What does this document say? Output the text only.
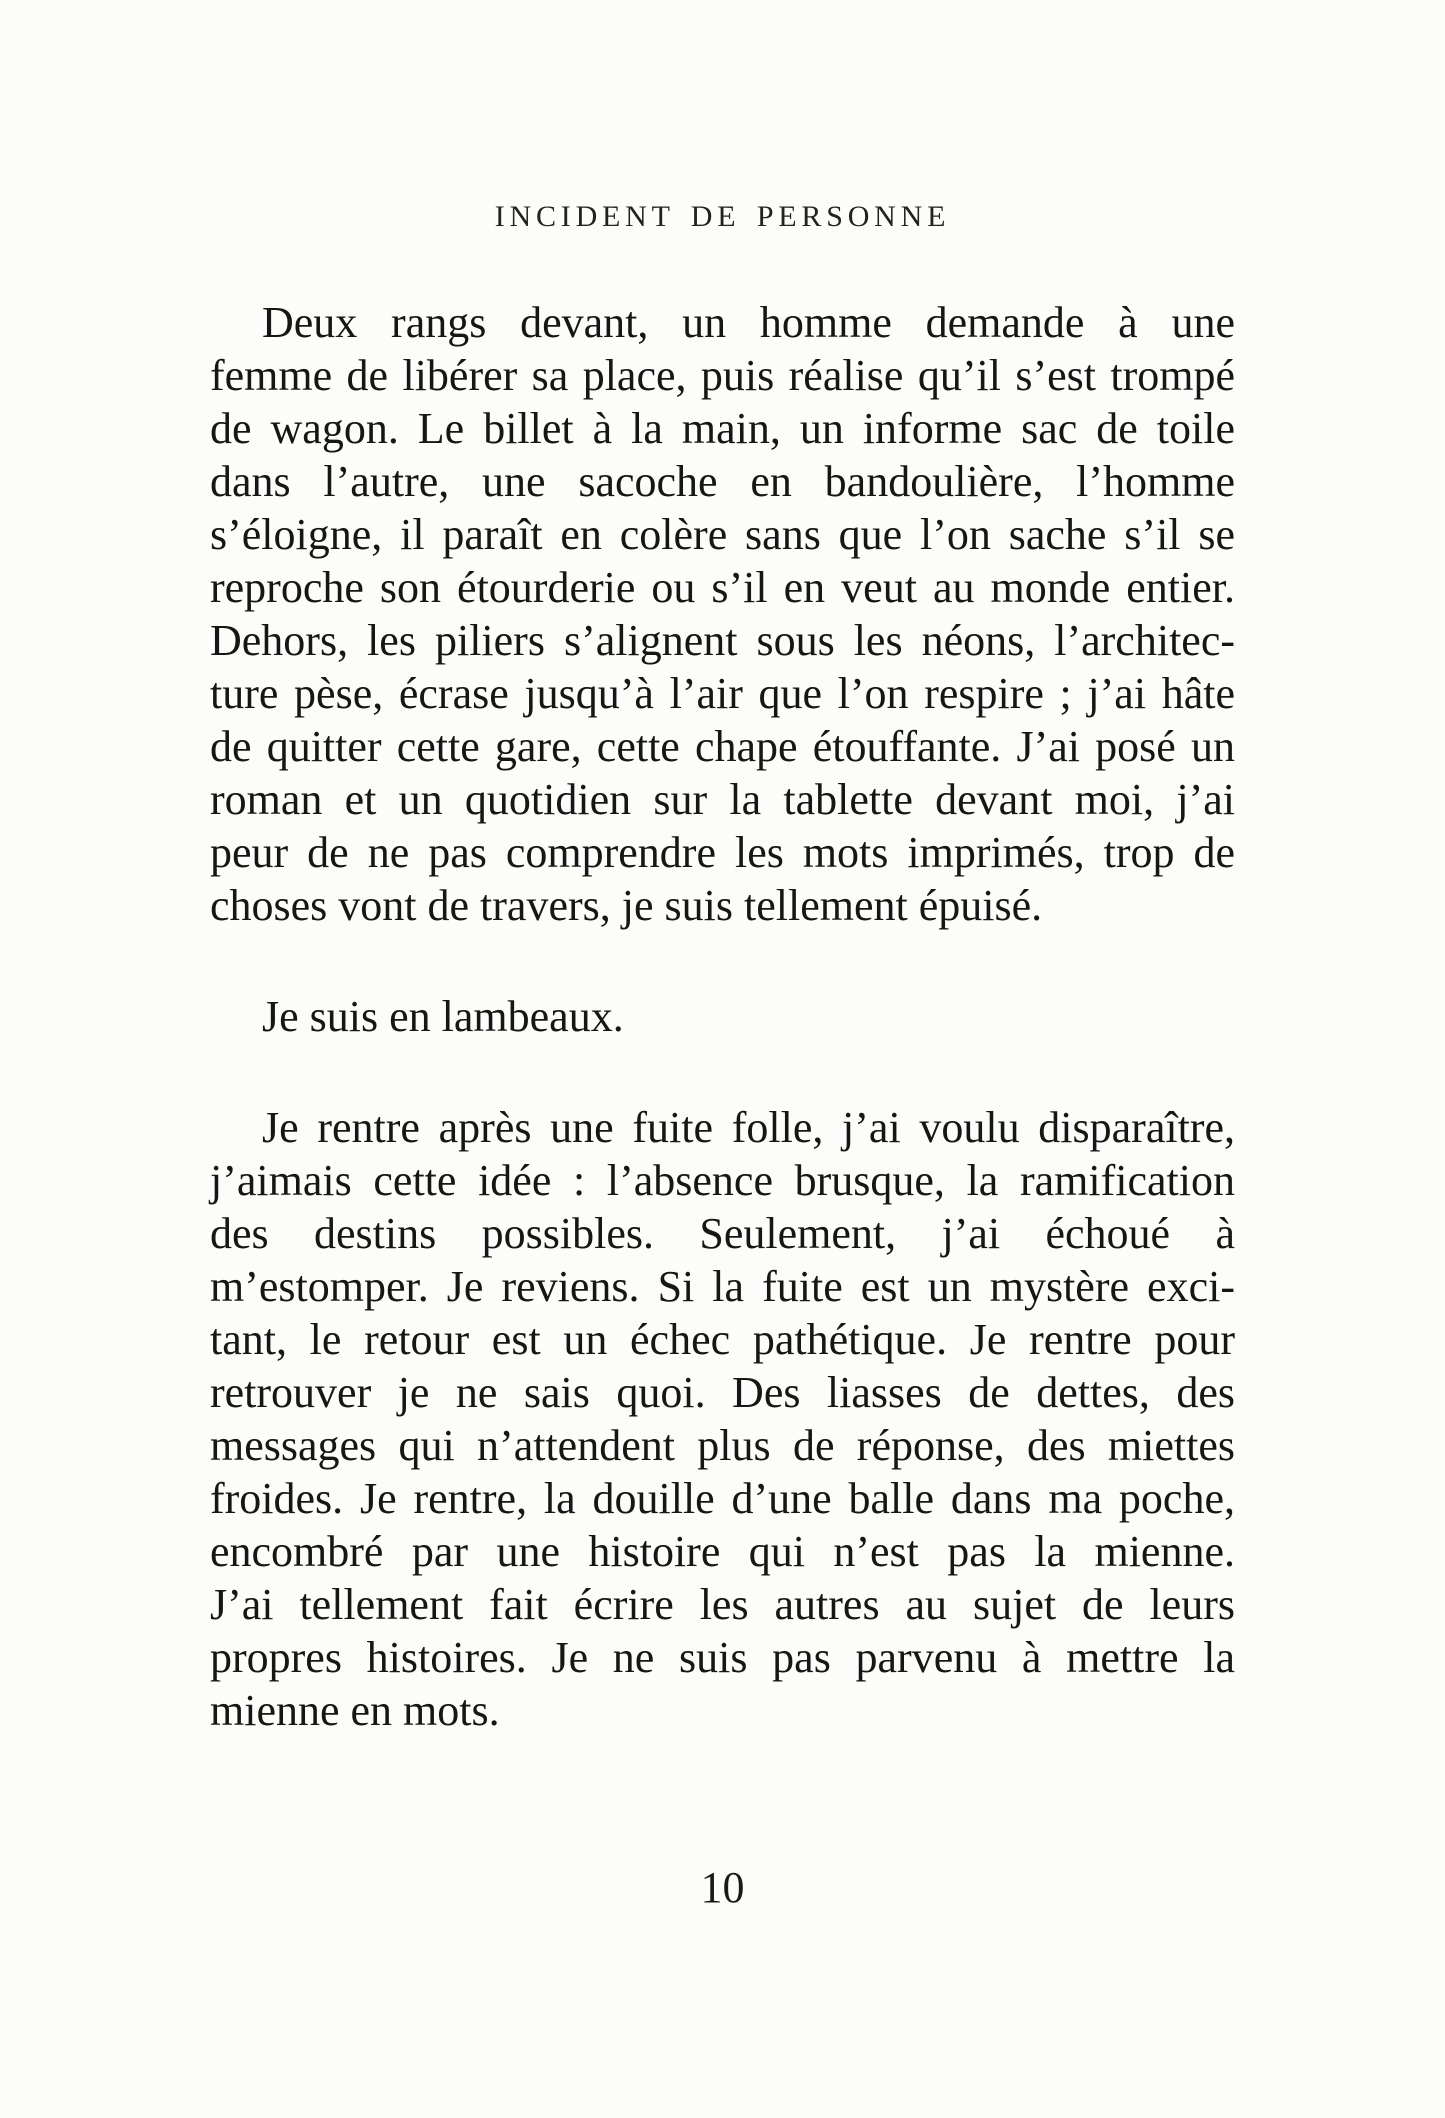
INCIDENT DE PERSONNE
Deux rangs devant, un homme demande à une
femme de libérer sa place, puis réalise qu’il s’est trompé
de wagon. Le billet à la main, un informe sac de toile
dans l’autre, une sacoche en bandoulière, l’homme
s’éloigne, il paraît en colère sans que l’on sache s’il se
reproche son étourderie ou s’il en veut au monde entier.
Dehors, les piliers s’alignent sous les néons, l’architec-
ture pèse, écrase jusqu’à l’air que l’on respire ; j’ai hâte
de quitter cette gare, cette chape étouffante. J’ai posé un
roman et un quotidien sur la tablette devant moi, j’ai
peur de ne pas comprendre les mots imprimés, trop de
choses vont de travers, je suis tellement épuisé.
Je suis en lambeaux.
Je rentre après une fuite folle, j’ai voulu disparaître,
j’aimais cette idée : l’absence brusque, la ramification
des destins possibles. Seulement, j’ai échoué à
m’estomper. Je reviens. Si la fuite est un mystère exci-
tant, le retour est un échec pathétique. Je rentre pour
retrouver je ne sais quoi. Des liasses de dettes, des
messages qui n’attendent plus de réponse, des miettes
froides. Je rentre, la douille d’une balle dans ma poche,
encombré par une histoire qui n’est pas la mienne.
J’ai tellement fait écrire les autres au sujet de leurs
propres histoires. Je ne suis pas parvenu à mettre la
mienne en mots.
10
